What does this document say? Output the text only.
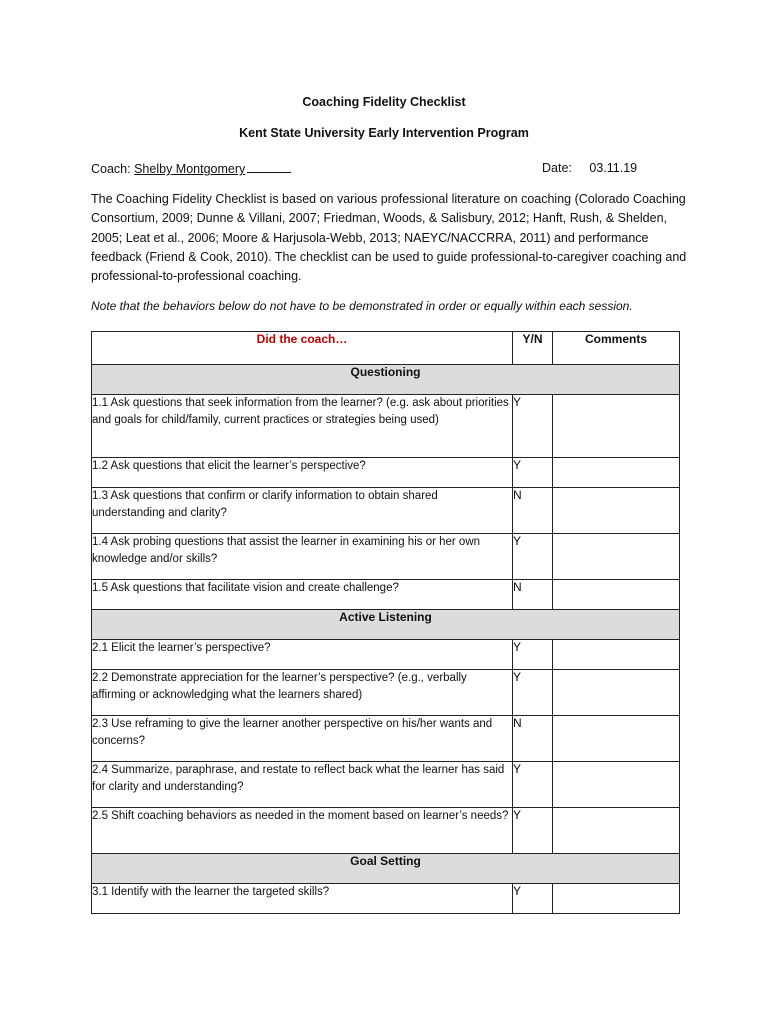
Coaching Fidelity Checklist
Kent State University Early Intervention Program
Coach: Shelby Montgomery	Date: 03.11.19
The Coaching Fidelity Checklist is based on various professional literature on coaching (Colorado Coaching Consortium, 2009; Dunne & Villani, 2007; Friedman, Woods, & Salisbury, 2012; Hanft, Rush, & Shelden, 2005; Leat et al., 2006; Moore & Harjusola-Webb, 2013; NAEYC/NACCRRA, 2011) and performance feedback (Friend & Cook, 2010). The checklist can be used to guide professional-to-caregiver coaching and professional-to-professional coaching.
Note that the behaviors below do not have to be demonstrated in order or equally within each session.
Did the coach…	Y/N	Comments
Questioning		
1.1 Ask questions that seek information from the learner? (e.g. ask about priorities and goals for child/family, current practices or strategies being used)	Y	
1.2 Ask questions that elicit the learner’s perspective?	Y	
1.3 Ask questions that confirm or clarify information to obtain shared understanding and clarity?	N	
1.4 Ask probing questions that assist the learner in examining his or her own knowledge and/or skills?	Y	
1.5 Ask questions that facilitate vision and create challenge?	N	
Active Listening		
2.1 Elicit the learner’s perspective?	Y	
2.2 Demonstrate appreciation for the learner’s perspective? (e.g., verbally affirming or acknowledging what the learners shared)	Y	
2.3 Use reframing to give the learner another perspective on his/her wants and concerns?	N	
2.4 Summarize, paraphrase, and restate to reflect back what the learner has said for clarity and understanding?	Y	
2.5 Shift coaching behaviors as needed in the moment based on learner’s needs?	Y	
Goal Setting		
3.1 Identify with the learner the targeted skills?	Y	
